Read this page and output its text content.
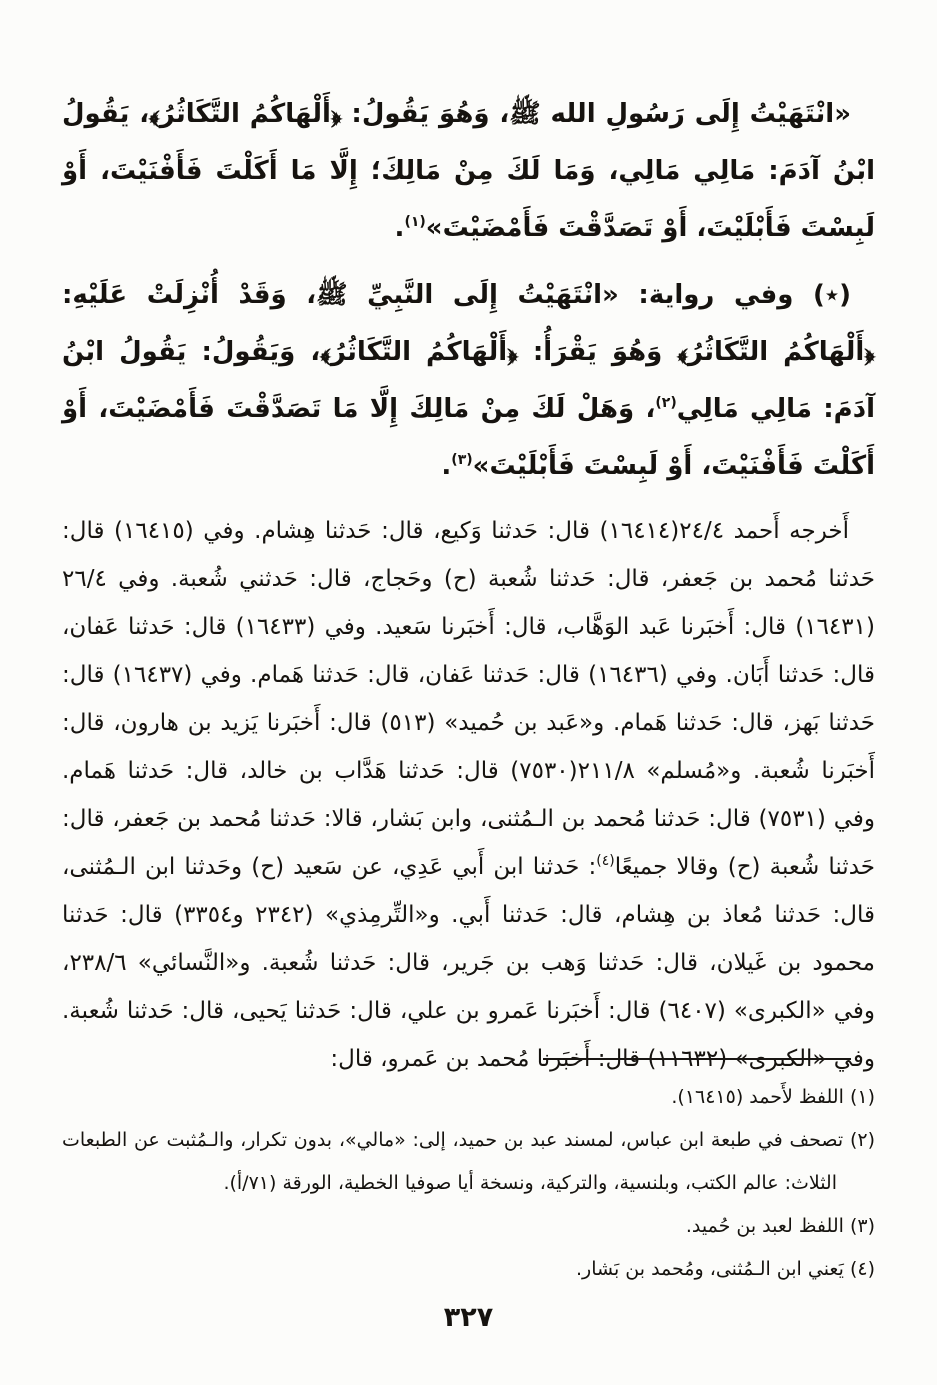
«انْتَهَيْتُ إِلَى رَسُولِ الله ﷺ، وَهُوَ يَقُولُ: ﴿أَلْهَاكُمُ التَّكَاثُرُ﴾، يَقُولُ ابْنُ آدَمَ: مَالِي مَالِي، وَمَا لَكَ مِنْ مَالِكَ؛ إِلَّا مَا أَكَلْتَ فَأَفْنَيْتَ، أَوْ لَبِسْتَ فَأَبْلَيْتَ، أَوْ تَصَدَّقْتَ فَأَمْضَيْتَ»$^{(١)}$.

(٭) وفي رواية: «انْتَهَيْتُ إِلَى النَّبِيِّ ﷺ، وَقَدْ أُنْزِلَتْ عَلَيْهِ: ﴿أَلْهَاكُمُ التَّكَاثُرُ﴾ وَهُوَ يَقْرَأُ: ﴿أَلْهَاكُمُ التَّكَاثُرُ﴾، وَيَقُولُ: يَقُولُ ابْنُ آدَمَ: مَالِي مَالِي$^{(٢)}$، وَهَلْ لَكَ مِنْ مَالِكَ إِلَّا مَا تَصَدَّقْتَ فَأَمْضَيْتَ، أَوْ أَكَلْتَ فَأَفْنَيْتَ، أَوْ لَبِسْتَ فَأَبْلَيْتَ»$^{(٣)}$.

أَخرجه أَحمد ٢٤/٤(١٦٤١٤) قال: حَدثنا وَكيع، قال: حَدثنا هِشام. وفي (١٦٤١٥) قال: حَدثنا مُحمد بن جَعفر، قال: حَدثنا شُعبة (ح) وحَجاج، قال: حَدثني شُعبة. وفي ٢٦/٤ (١٦٤٣١) قال: أَخبَرنا عَبد الوَهَّاب، قال: أَخبَرنا سَعيد. وفي (١٦٤٣٣) قال: حَدثنا عَفان، قال: حَدثنا أَبَان. وفي (١٦٤٣٦) قال: حَدثنا عَفان، قال: حَدثنا هَمام. وفي (١٦٤٣٧) قال: حَدثنا بَهز، قال: حَدثنا هَمام. و«عَبد بن حُميد» (٥١٣) قال: أَخبَرنا يَزيد بن هارون، قال: أَخبَرنا شُعبة. و«مُسلم» ٢١١/٨(٧٥٣٠) قال: حَدثنا هَدَّاب بن خالد، قال: حَدثنا هَمام. وفي (٧٥٣١) قال: حَدثنا مُحمد بن الـمُثنى، وابن بَشار، قالا: حَدثنا مُحمد بن جَعفر، قال: حَدثنا شُعبة (ح) وقالا جميعًا$^{(٤)}$: حَدثنا ابن أَبي عَدِي، عن سَعيد (ح) وحَدثنا ابن الـمُثنى، قال: حَدثنا مُعاذ بن هِشام، قال: حَدثنا أَبي. و«التِّرمِذي» (٢٣٤٢ و٣٣٥٤) قال: حَدثنا محمود بن غَيلان، قال: حَدثنا وَهب بن جَرير، قال: حَدثنا شُعبة. و«النَّسائي» ٢٣٨/٦، وفي «الكبرى» (٦٤٠٧) قال: أَخبَرنا عَمرو بن علي، قال: حَدثنا يَحيى، قال: حَدثنا شُعبة. وفي «الكبرى» (١١٦٣٢) قال: أَخبَرنا مُحمد بن عَمرو، قال:

(١) اللفظ لأَحمد (١٦٤١٥).

(٢) تصحف في طبعة ابن عباس، لمسند عبد بن حميد، إلى: «مالي»، بدون تكرار، والـمُثبت عن الطبعات الثلاث: عالم الكتب، وبلنسية، والتركية، ونسخة أيا صوفيا الخطية، الورقة (٧١/أ).

(٣) اللفظ لعبد بن حُميد.

(٤) يَعني ابن الـمُثنى، ومُحمد بن بَشار.

٣٢٧
